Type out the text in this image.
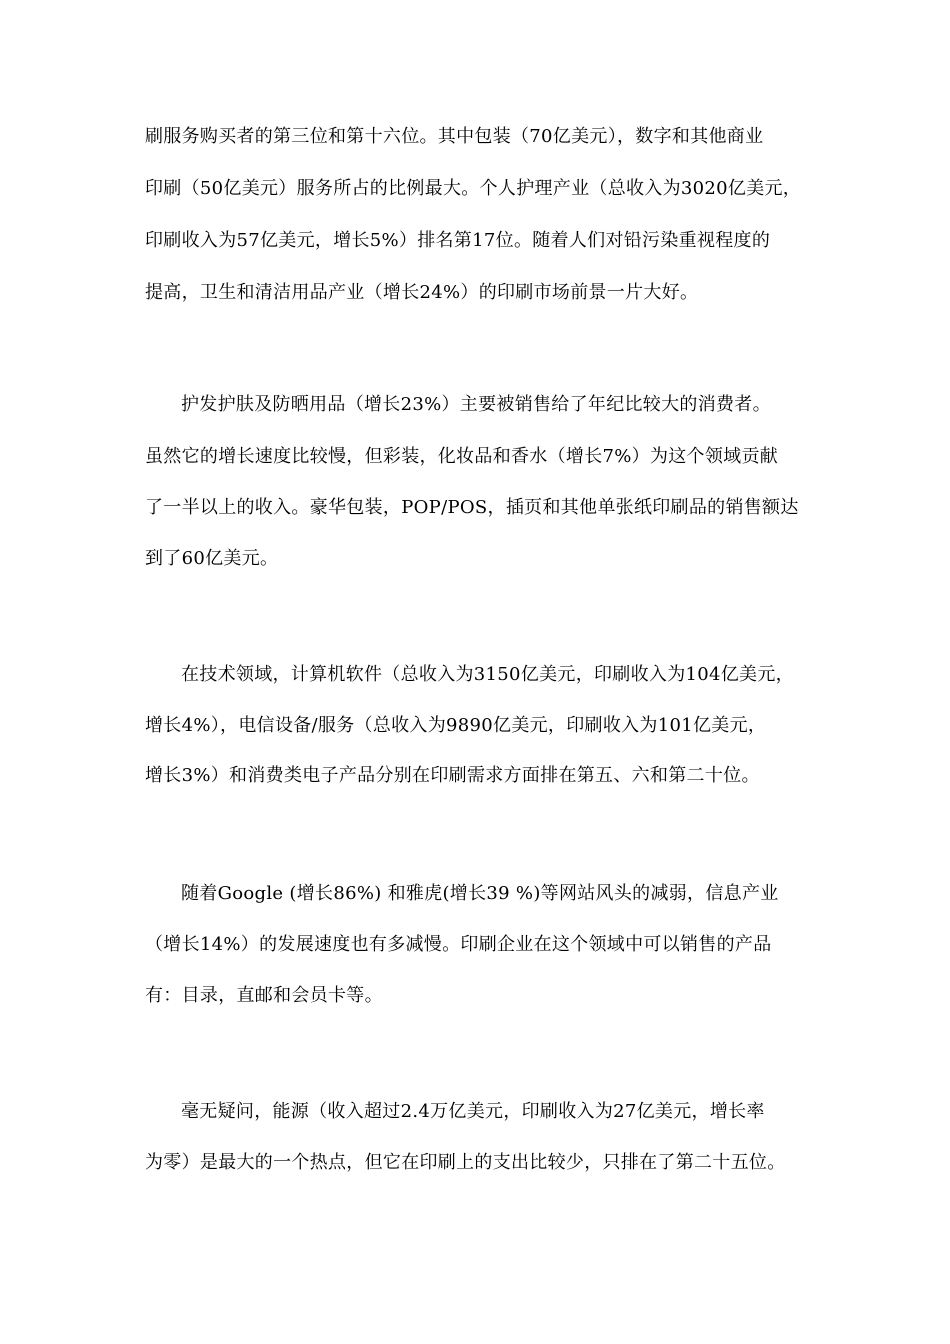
刷服务购买者的第三位和第十六位。其中包装（70亿美元），数字和其他商业
印刷（50亿美元）服务所占的比例最大。个人护理产业（总收入为3020亿美元，
印刷收入为57亿美元，增长5%）排名第17位。随着人们对铅污染重视程度的
提高，卫生和清洁用品产业（增长24%）的印刷市场前景一片大好。
护发护肤及防晒用品（增长23%）主要被销售给了年纪比较大的消费者。
虽然它的增长速度比较慢，但彩装，化妆品和香水（增长7%）为这个领域贡献
了一半以上的收入。豪华包装，POP/POS，插页和其他单张纸印刷品的销售额达
到了60亿美元。
在技术领域，计算机软件（总收入为3150亿美元，印刷收入为104亿美元，
增长4%），电信设备/服务（总收入为9890亿美元，印刷收入为101亿美元，
增长3%）和消费类电子产品分别在印刷需求方面排在第五、六和第二十位。
随着Google (增长86%) 和雅虎(增长39 %)等网站风头的减弱，信息产业
（增长14%）的发展速度也有多减慢。印刷企业在这个领域中可以销售的产品
有：目录，直邮和会员卡等。
毫无疑问，能源（收入超过2.4万亿美元，印刷收入为27亿美元，增长率
为零）是最大的一个热点，但它在印刷上的支出比较少，只排在了第二十五位。
